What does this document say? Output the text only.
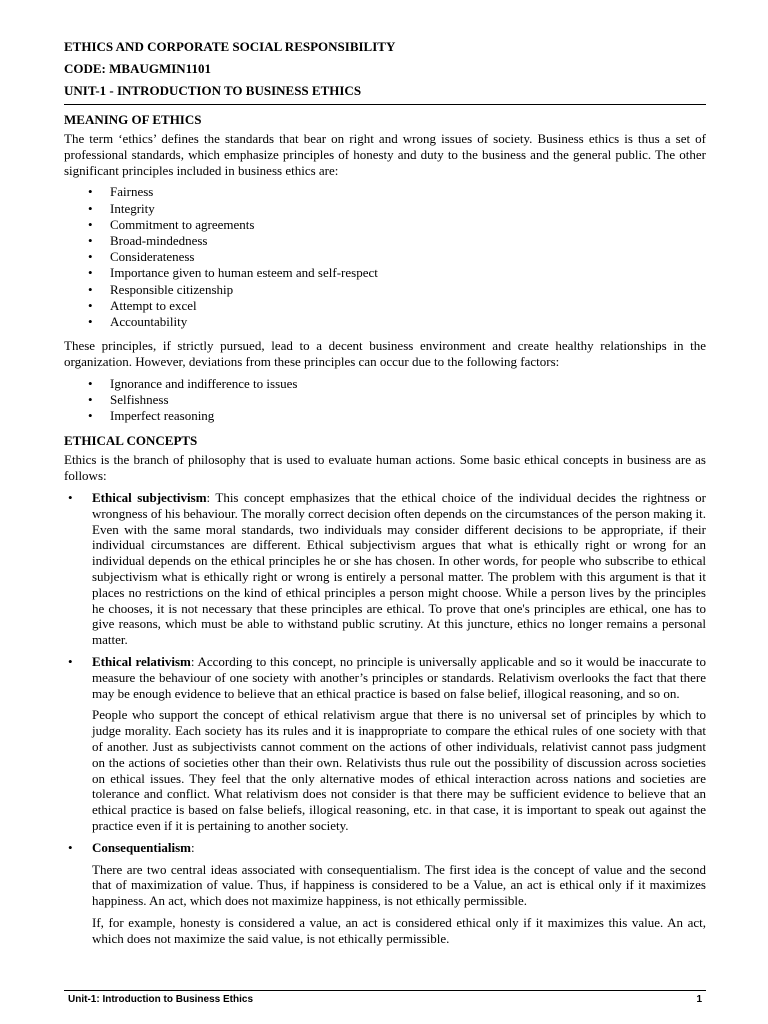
ETHICS AND CORPORATE SOCIAL RESPONSIBILITY
CODE: MBAUGMIN1101
UNIT-1 - INTRODUCTION TO BUSINESS ETHICS
MEANING OF ETHICS

The term ‘ethics’ defines the standards that bear on right and wrong issues of society. Business ethics is thus a set of professional standards, which emphasize principles of honesty and duty to the business and the general public. The other significant principles included in business ethics are:

• Fairness
• Integrity
• Commitment to agreements
• Broad-mindedness
• Considerateness
• Importance given to human esteem and self-respect
• Responsible citizenship
• Attempt to excel
• Accountability

These principles, if strictly pursued, lead to a decent business environment and create healthy relationships in the organization. However, deviations from these principles can occur due to the following factors:

• Ignorance and indifference to issues
• Selfishness
• Imperfect reasoning
ETHICAL CONCEPTS

Ethics is the branch of philosophy that is used to evaluate human actions. Some basic ethical concepts in business are as follows:

• Ethical subjectivism: This concept emphasizes that the ethical choice of the individual decides the rightness or wrongness of his behaviour. The morally correct decision often depends on the circumstances of the person making it. Even with the same moral standards, two individuals may consider different decisions to be appropriate, if their individual circumstances are different. Ethical subjectivism argues that what is ethically right or wrong for an individual depends on the ethical principles he or she has chosen. In other words, for people who subscribe to ethical subjectivism what is ethically right or wrong is entirely a personal matter. The problem with this argument is that it places no restrictions on the kind of ethical principles a person might choose. While a person lives by the principles he chooses, it is not necessary that these principles are ethical. To prove that one's principles are ethical, one has to give reasons, which must be able to withstand public scrutiny. At this juncture, ethics no longer remains a personal matter.

• Ethical relativism: According to this concept, no principle is universally applicable and so it would be inaccurate to measure the behaviour of one society with another’s principles or standards. Relativism overlooks the fact that there may be enough evidence to believe that an ethical practice is based on false belief, illogical reasoning, and so on.

People who support the concept of ethical relativism argue that there is no universal set of principles by which to judge morality. Each society has its rules and it is inappropriate to compare the ethical rules of one society with that of another. Just as subjectivists cannot comment on the actions of other individuals, relativist cannot pass judgment on the actions of societies other than their own. Relativists thus rule out the possibility of discussion across societies on ethical issues. They feel that the only alternative modes of ethical interaction across nations and societies are tolerance and conflict. What relativism does not consider is that there may be sufficient evidence to believe that an ethical practice is based on false beliefs, illogical reasoning, etc. in that case, it is important to speak out against the practice even if it is pertaining to another society.

• Consequentialism:

There are two central ideas associated with consequentialism. The first idea is the concept of value and the second that of maximization of value. Thus, if happiness is considered to be a Value, an act is ethical only if it maximizes happiness. An act, which does not maximize happiness, is not ethically permissible.

If, for example, honesty is considered a value, an act is considered ethical only if it maximizes this value. An act, which does not maximize the said value, is not ethically permissible.

Unit-1: Introduction to Business Ethics	1
